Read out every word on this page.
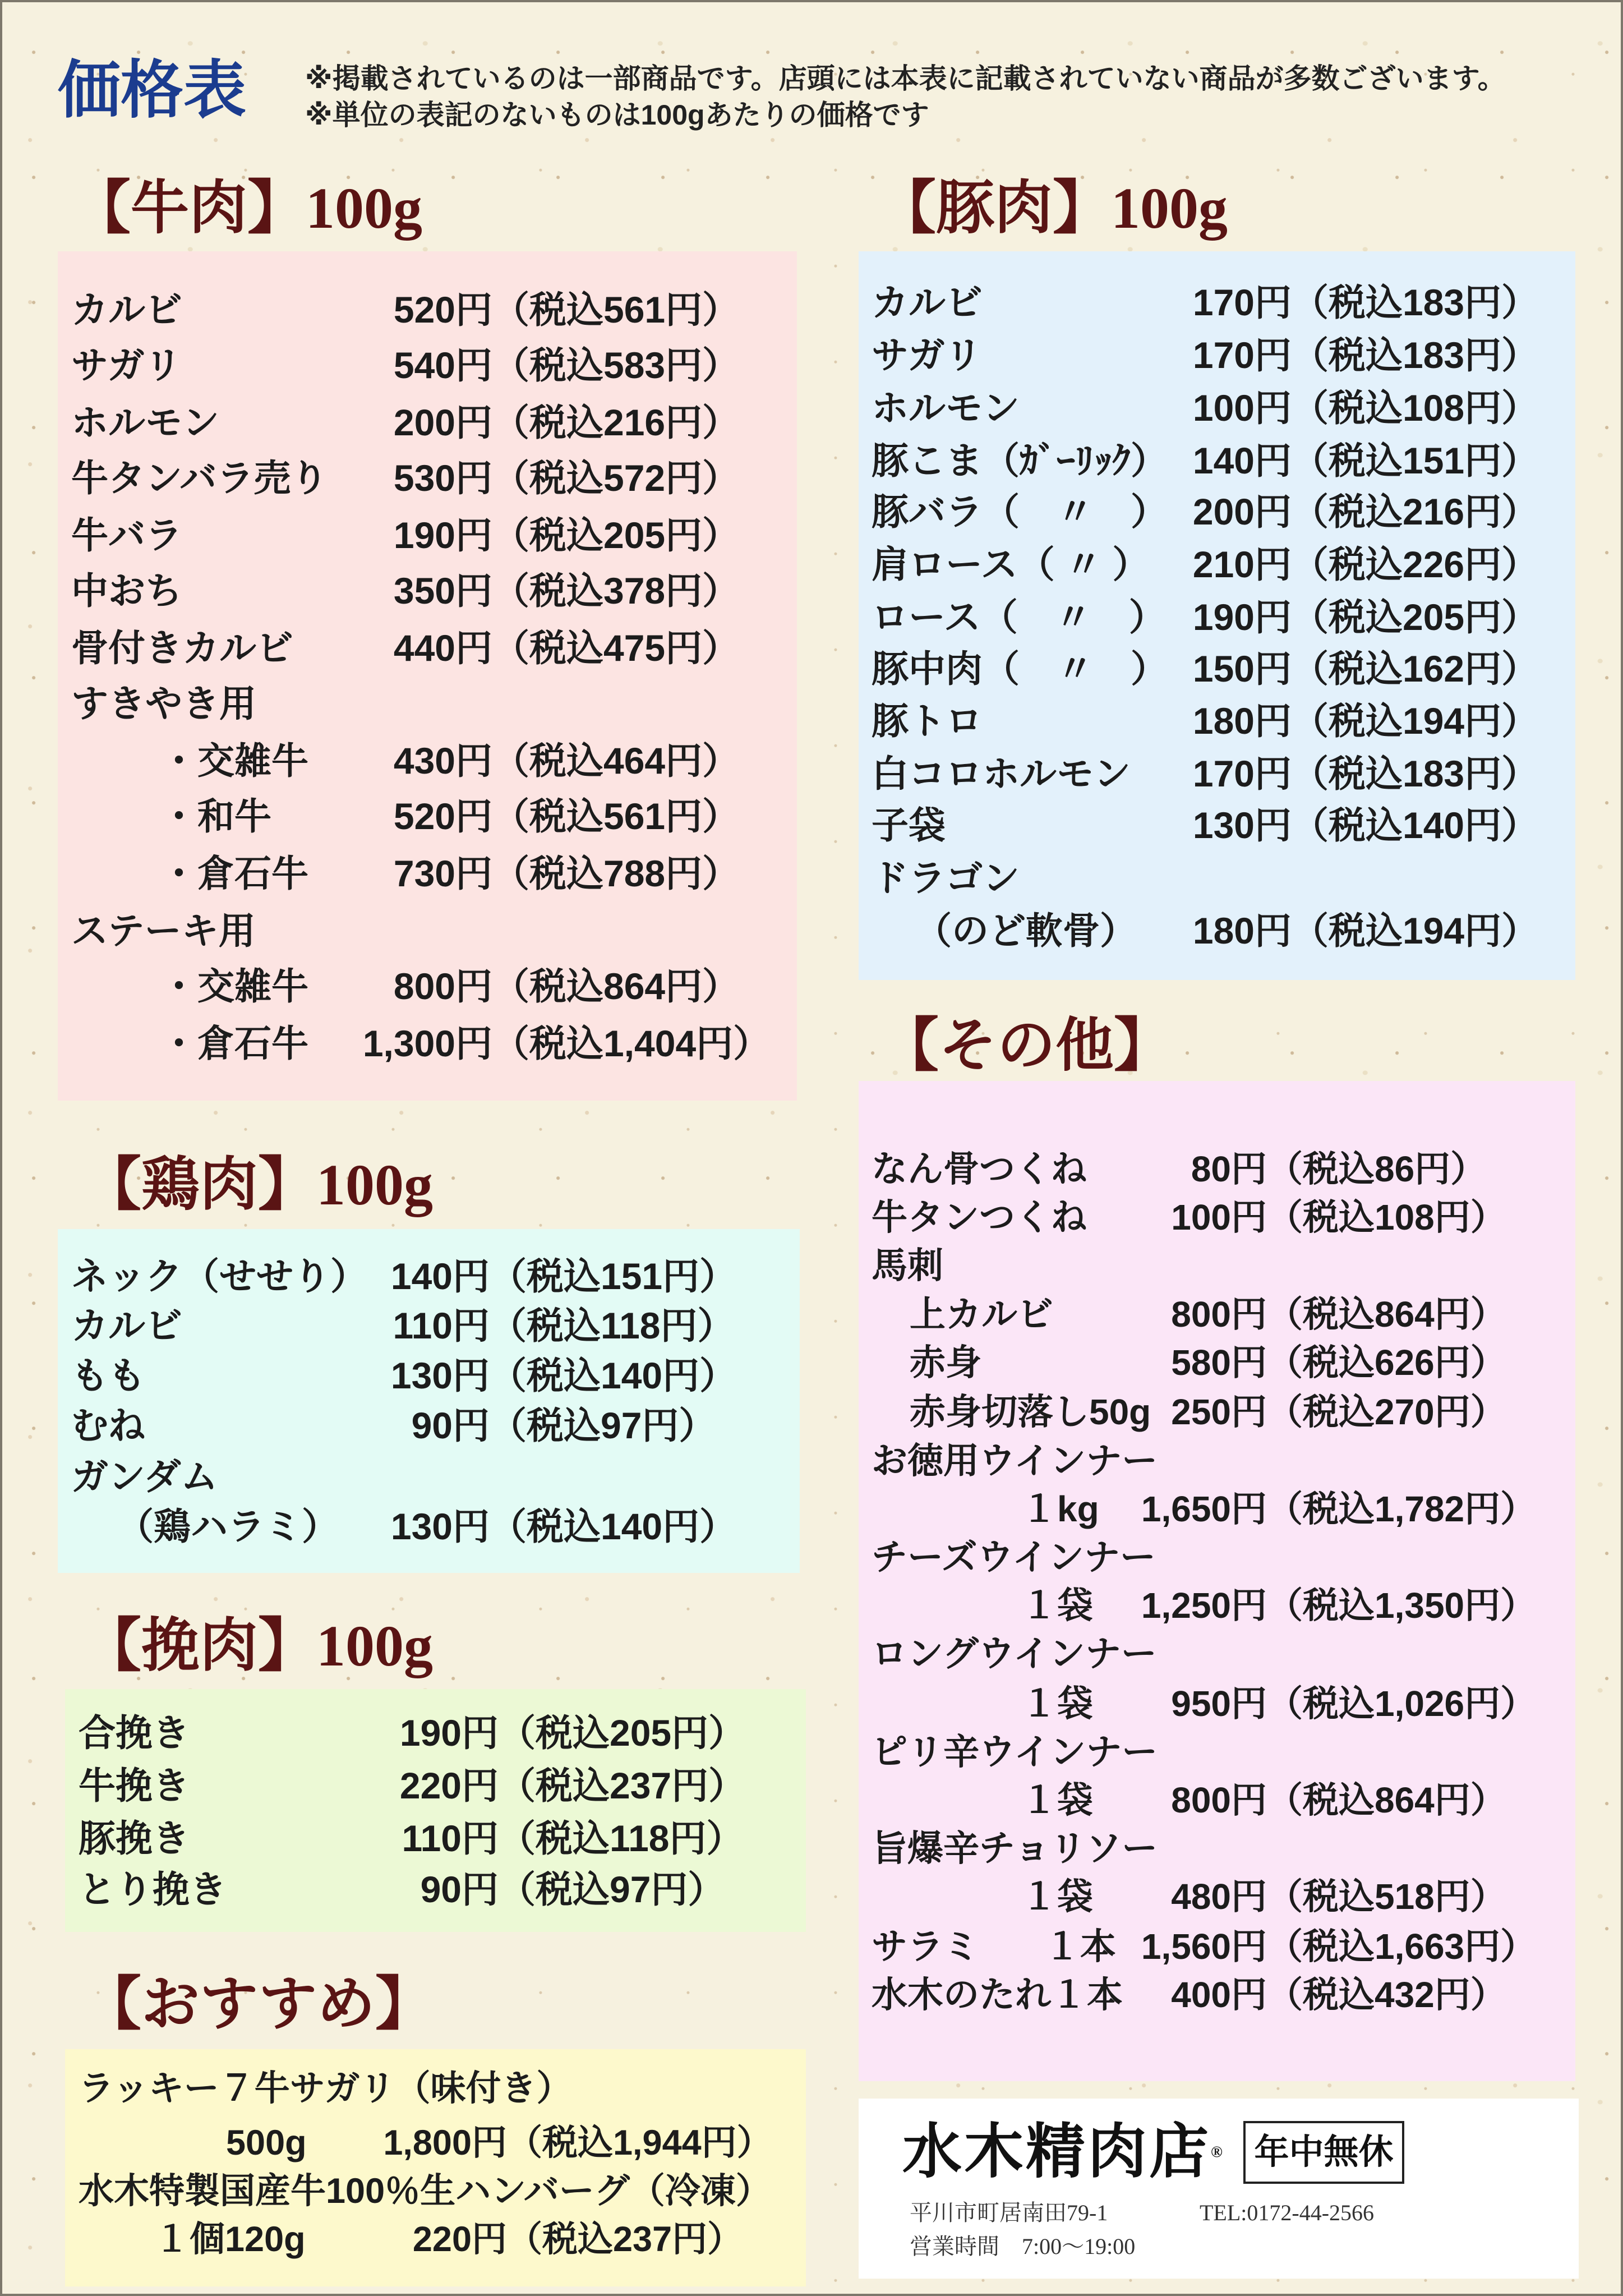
価格表 ※掲載されているのは一部商品です。店頭には本表に記載されていない商品が多数ございます。
※単位の表記のないものは100gあたりの価格です
【牛肉】100g	【豚肉】100g
【その他】
【鶏肉】100g
【挽肉】100g
【おすすめ】
カルビ	520円 （税込561円）
サガリ	540円 （税込583円）
ホルモン	200円 （税込216円）
牛タンバラ売り	530円 （税込572円）
牛バラ	190円 （税込205円）
中おち	350円 （税込378円）
骨付きカルビ	440円 （税込475円）
すきやき用
・交雑牛	430円 （税込464円）
・和牛	520円 （税込561円）
・倉石牛	730円 （税込788円）
ステーキ用
・交雑牛	800円 （税込864円）
・倉石牛	1,300円 （税込1,404円）
カルビ	170円 （税込183円）
サガリ	170円 （税込183円）
ホルモン	100円 （税込108円）
豚こま（ｶﾞｰﾘｯｸ） 140円 （税込151円）
豚バラ（　〃　） 200円 （税込216円）
肩ロース（ 〃 ）	210円 （税込226円）
ロース（　〃　） 190円 （税込205円）
豚中肉（　〃　） 150円 （税込162円）
豚トロ	180円 （税込194円）
白コロホルモン	170円 （税込183円）
子袋	130円 （税込140円）
ドラゴン
（のど軟骨）	180円 （税込194円）
なん骨つくね	80円 （税込86円）
牛タンつくね	100円 （税込108円）
馬刺
上カルビ	800円 （税込864円）
赤身	580円 （税込626円）
赤身切落し50g 250円 （税込270円）
お徳用ウインナー
１kg	1,650円 （税込1,782円）
チーズウインナー
１袋	1,250円 （税込1,350円）
ロングウインナー
１袋	950円 （税込1,026円）
ピリ辛ウインナー
１袋	800円 （税込864円）
旨爆辛チョリソー
１袋	480円 （税込518円）
サラミ １本 1,560円 （税込1,663円）
水木のたれ１本	400円 （税込432円）
ネック（せせり） 140円 （税込151円）
カルビ	110円 （税込118円）
もも	130円 （税込140円）
むね	90円 （税込97円）
ガンダム
（鶏ハラミ）	130円 （税込140円）
合挽き	190円 （税込205円）
牛挽き	220円 （税込237円）
豚挽き	110円 （税込118円）
とり挽き	90円 （税込97円）
ラッキー７牛サガリ（味付き）
500g	1,800円 （税込1,944円）
水木特製国産牛100％生ハンバーグ（冷凍）
１個120g	220円 （税込237円）
水木精肉店® 年中無休
平川市町居南田79-1	TEL:0172-44-2566
営業時間　7:00〜19:00
